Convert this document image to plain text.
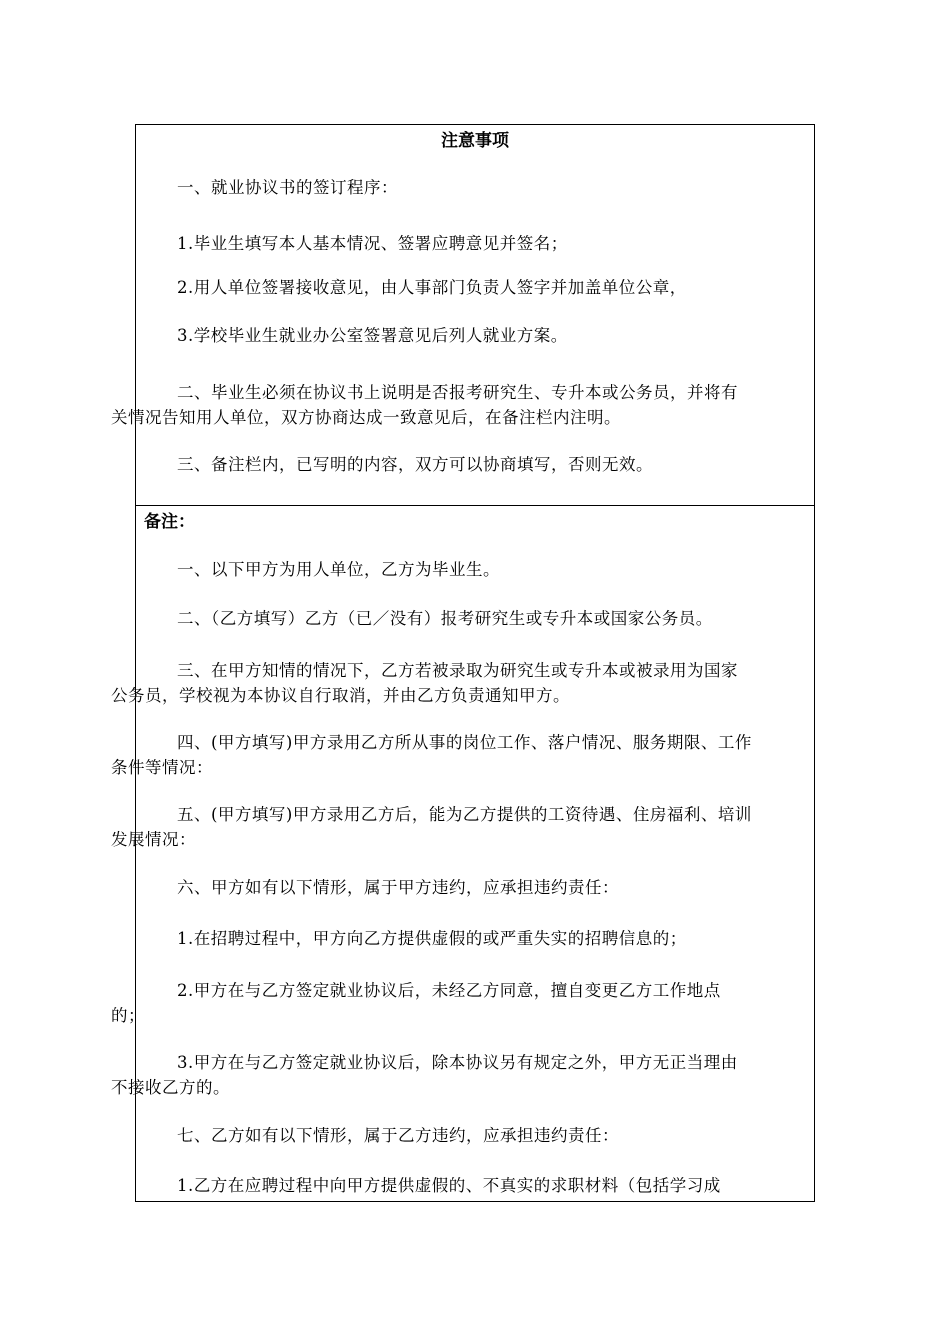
注意事项
一、就业协议书的签订程序：
1.毕业生填写本人基本情况、签署应聘意见并签名；
2.用人单位签署接收意见，由人事部门负责人签字并加盖单位公章，
3.学校毕业生就业办公室签署意见后列人就业方案。
二、毕业生必须在协议书上说明是否报考研究生、专升本或公务员，并将有
关情况告知用人单位，双方协商达成一致意见后，在备注栏内注明。
三、备注栏内，已写明的内容，双方可以协商填写，否则无效。
备注：
一、以下甲方为用人单位，乙方为毕业生。
二、（乙方填写）乙方（已／没有）报考研究生或专升本或国家公务员。
三、在甲方知情的情况下，乙方若被录取为研究生或专升本或被录用为国家
公务员，学校视为本协议自行取消，并由乙方负责通知甲方。
四、(甲方填写)甲方录用乙方所从事的岗位工作、落户情况、服务期限、工作
条件等情况：
五、(甲方填写)甲方录用乙方后，能为乙方提供的工资待遇、住房福利、培训
发展情况：
六、甲方如有以下情形，属于甲方违约，应承担违约责任：
1.在招聘过程中，甲方向乙方提供虚假的或严重失实的招聘信息的；
2.甲方在与乙方签定就业协议后，未经乙方同意，擅自变更乙方工作地点
的；
3.甲方在与乙方签定就业协议后，除本协议另有规定之外，甲方无正当理由
不接收乙方的。
七、乙方如有以下情形，属于乙方违约，应承担违约责任：
1.乙方在应聘过程中向甲方提供虚假的、不真实的求职材料（包括学习成
